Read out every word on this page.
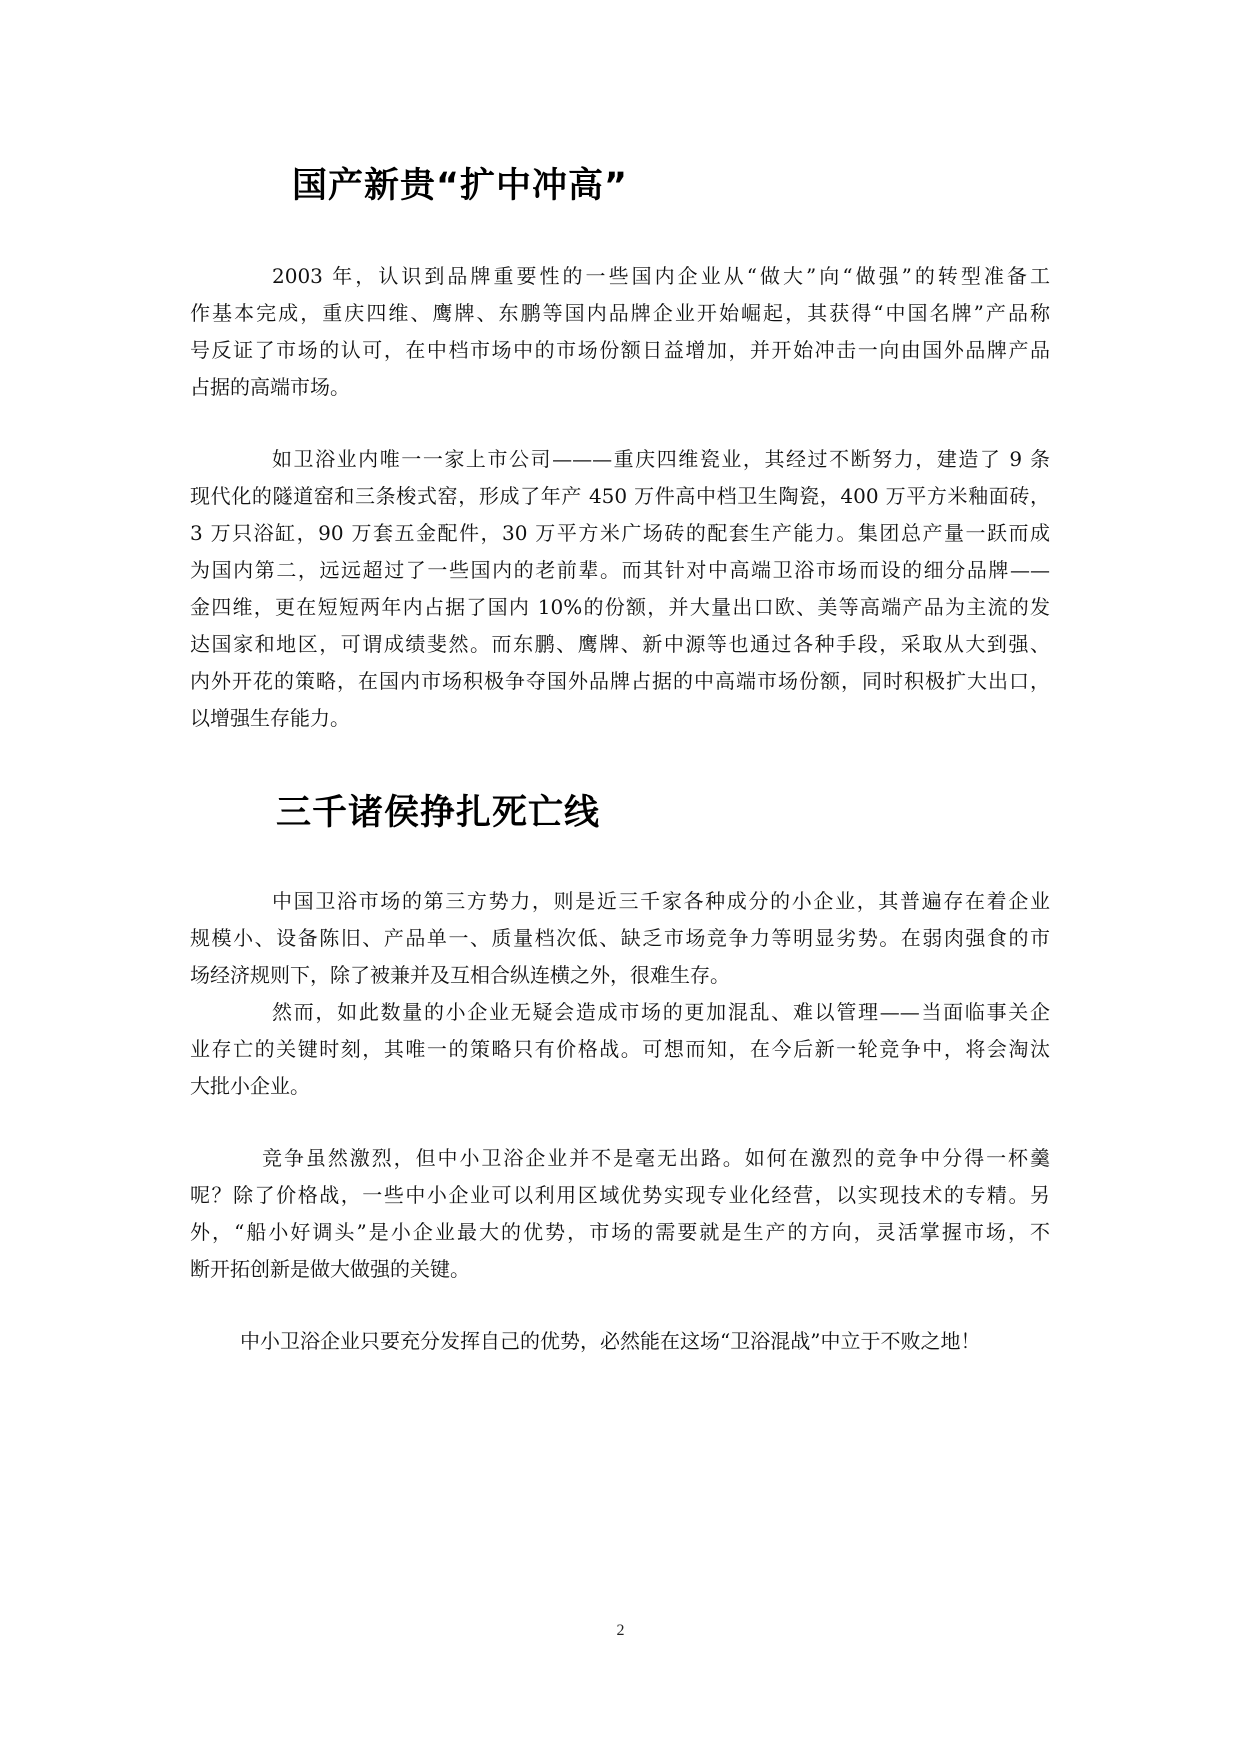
国产新贵“扩中冲高”
2003 年，认识到品牌重要性的一些国内企业从“做大”向“做强”的转型准备工
作基本完成，重庆四维、鹰牌、东鹏等国内品牌企业开始崛起，其获得“中国名牌”产品称
号反证了市场的认可，在中档市场中的市场份额日益增加，并开始冲击一向由国外品牌产品
占据的高端市场。
如卫浴业内唯一一家上市公司———重庆四维瓷业，其经过不断努力，建造了 9 条
现代化的隧道窑和三条梭式窑，形成了年产 450 万件高中档卫生陶瓷，400 万平方米釉面砖，
3 万只浴缸，90 万套五金配件，30 万平方米广场砖的配套生产能力。集团总产量一跃而成
为国内第二，远远超过了一些国内的老前辈。而其针对中高端卫浴市场而设的细分品牌——
金四维，更在短短两年内占据了国内 10%的份额，并大量出口欧、美等高端产品为主流的发
达国家和地区，可谓成绩斐然。而东鹏、鹰牌、新中源等也通过各种手段，采取从大到强、
内外开花的策略，在国内市场积极争夺国外品牌占据的中高端市场份额，同时积极扩大出口，
以增强生存能力。
三千诸侯挣扎死亡线
中国卫浴市场的第三方势力，则是近三千家各种成分的小企业，其普遍存在着企业
规模小、设备陈旧、产品单一、质量档次低、缺乏市场竞争力等明显劣势。在弱肉强食的市
场经济规则下，除了被兼并及互相合纵连横之外，很难生存。
然而，如此数量的小企业无疑会造成市场的更加混乱、难以管理——当面临事关企
业存亡的关键时刻，其唯一的策略只有价格战。可想而知，在今后新一轮竞争中，将会淘汰
大批小企业。
竞争虽然激烈，但中小卫浴企业并不是毫无出路。如何在激烈的竞争中分得一杯羹
呢？除了价格战，一些中小企业可以利用区域优势实现专业化经营，以实现技术的专精。另
外，“船小好调头”是小企业最大的优势，市场的需要就是生产的方向，灵活掌握市场，不
断开拓创新是做大做强的关键。
中小卫浴企业只要充分发挥自己的优势，必然能在这场“卫浴混战”中立于不败之地！
2
